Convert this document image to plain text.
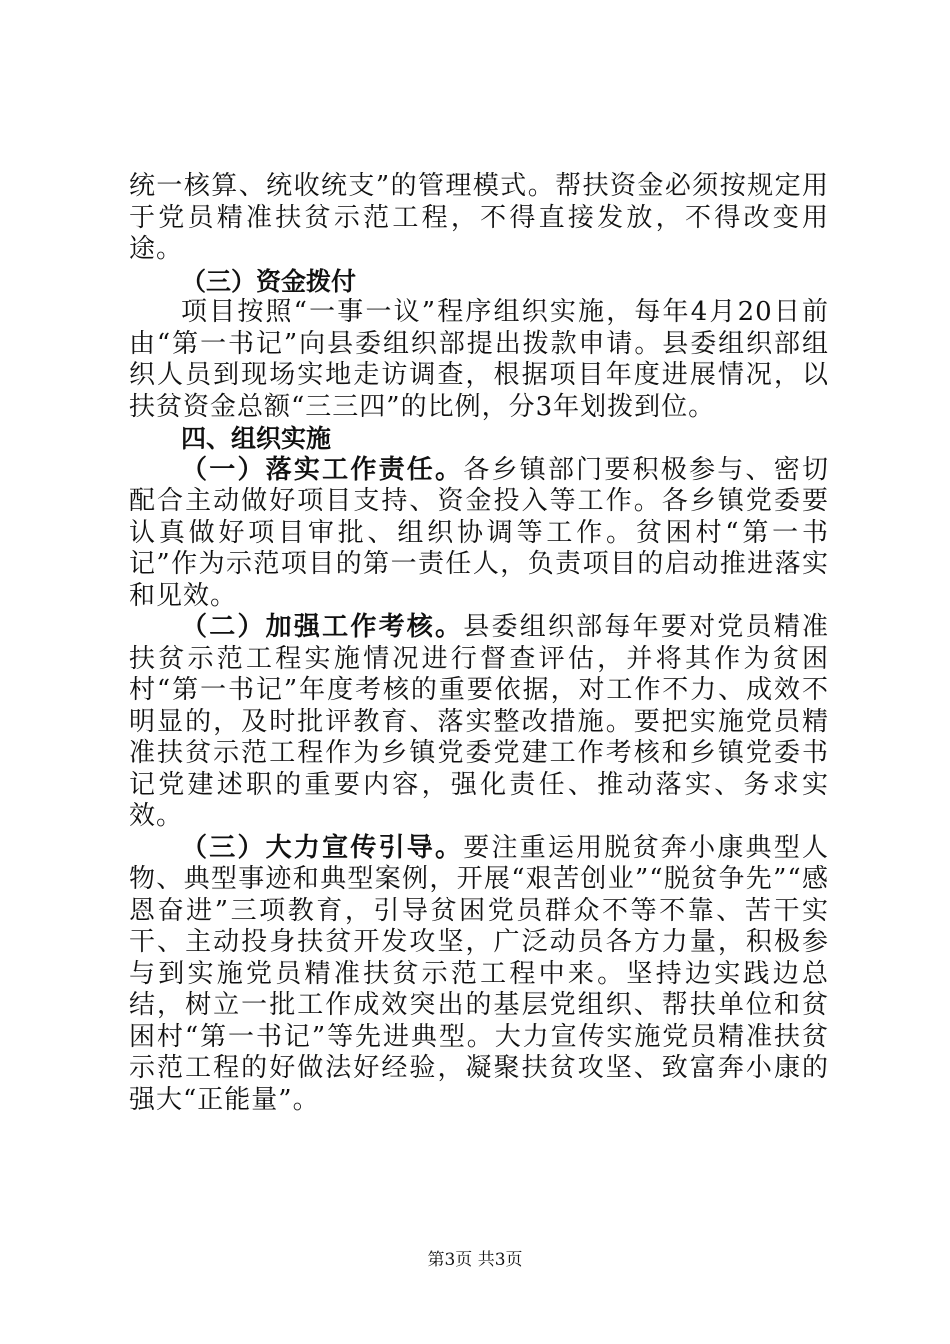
统一核算、统收统支”的管理模式。帮扶资金必须按规定用于党员精准扶贫示范工程，不得直接发放，不得改变用途。

（三）资金拨付

项目按照“一事一议”程序组织实施，每年4月20日前由“第一书记”向县委组织部提出拨款申请。县委组织部组织人员到现场实地走访调查，根据项目年度进展情况，以扶贫资金总额“三三四”的比例，分3年划拨到位。

四、组织实施

（一）落实工作责任。各乡镇部门要积极参与、密切配合主动做好项目支持、资金投入等工作。各乡镇党委要认真做好项目审批、组织协调等工作。贫困村“第一书记”作为示范项目的第一责任人，负责项目的启动推进落实和见效。

（二）加强工作考核。县委组织部每年要对党员精准扶贫示范工程实施情况进行督查评估，并将其作为贫困村“第一书记”年度考核的重要依据，对工作不力、成效不明显的，及时批评教育、落实整改措施。要把实施党员精准扶贫示范工程作为乡镇党委党建工作考核和乡镇党委书记党建述职的重要内容，强化责任、推动落实、务求实效。

（三）大力宣传引导。要注重运用脱贫奔小康典型人物、典型事迹和典型案例，开展“艰苦创业”“脱贫争先”“感恩奋进”三项教育，引导贫困党员群众不等不靠、苦干实干、主动投身扶贫开发攻坚，广泛动员各方力量，积极参与到实施党员精准扶贫示范工程中来。坚持边实践边总结，树立一批工作成效突出的基层党组织、帮扶单位和贫困村“第一书记”等先进典型。大力宣传实施党员精准扶贫示范工程的好做法好经验，凝聚扶贫攻坚、致富奔小康的强大“正能量”。

第3页 共3页
